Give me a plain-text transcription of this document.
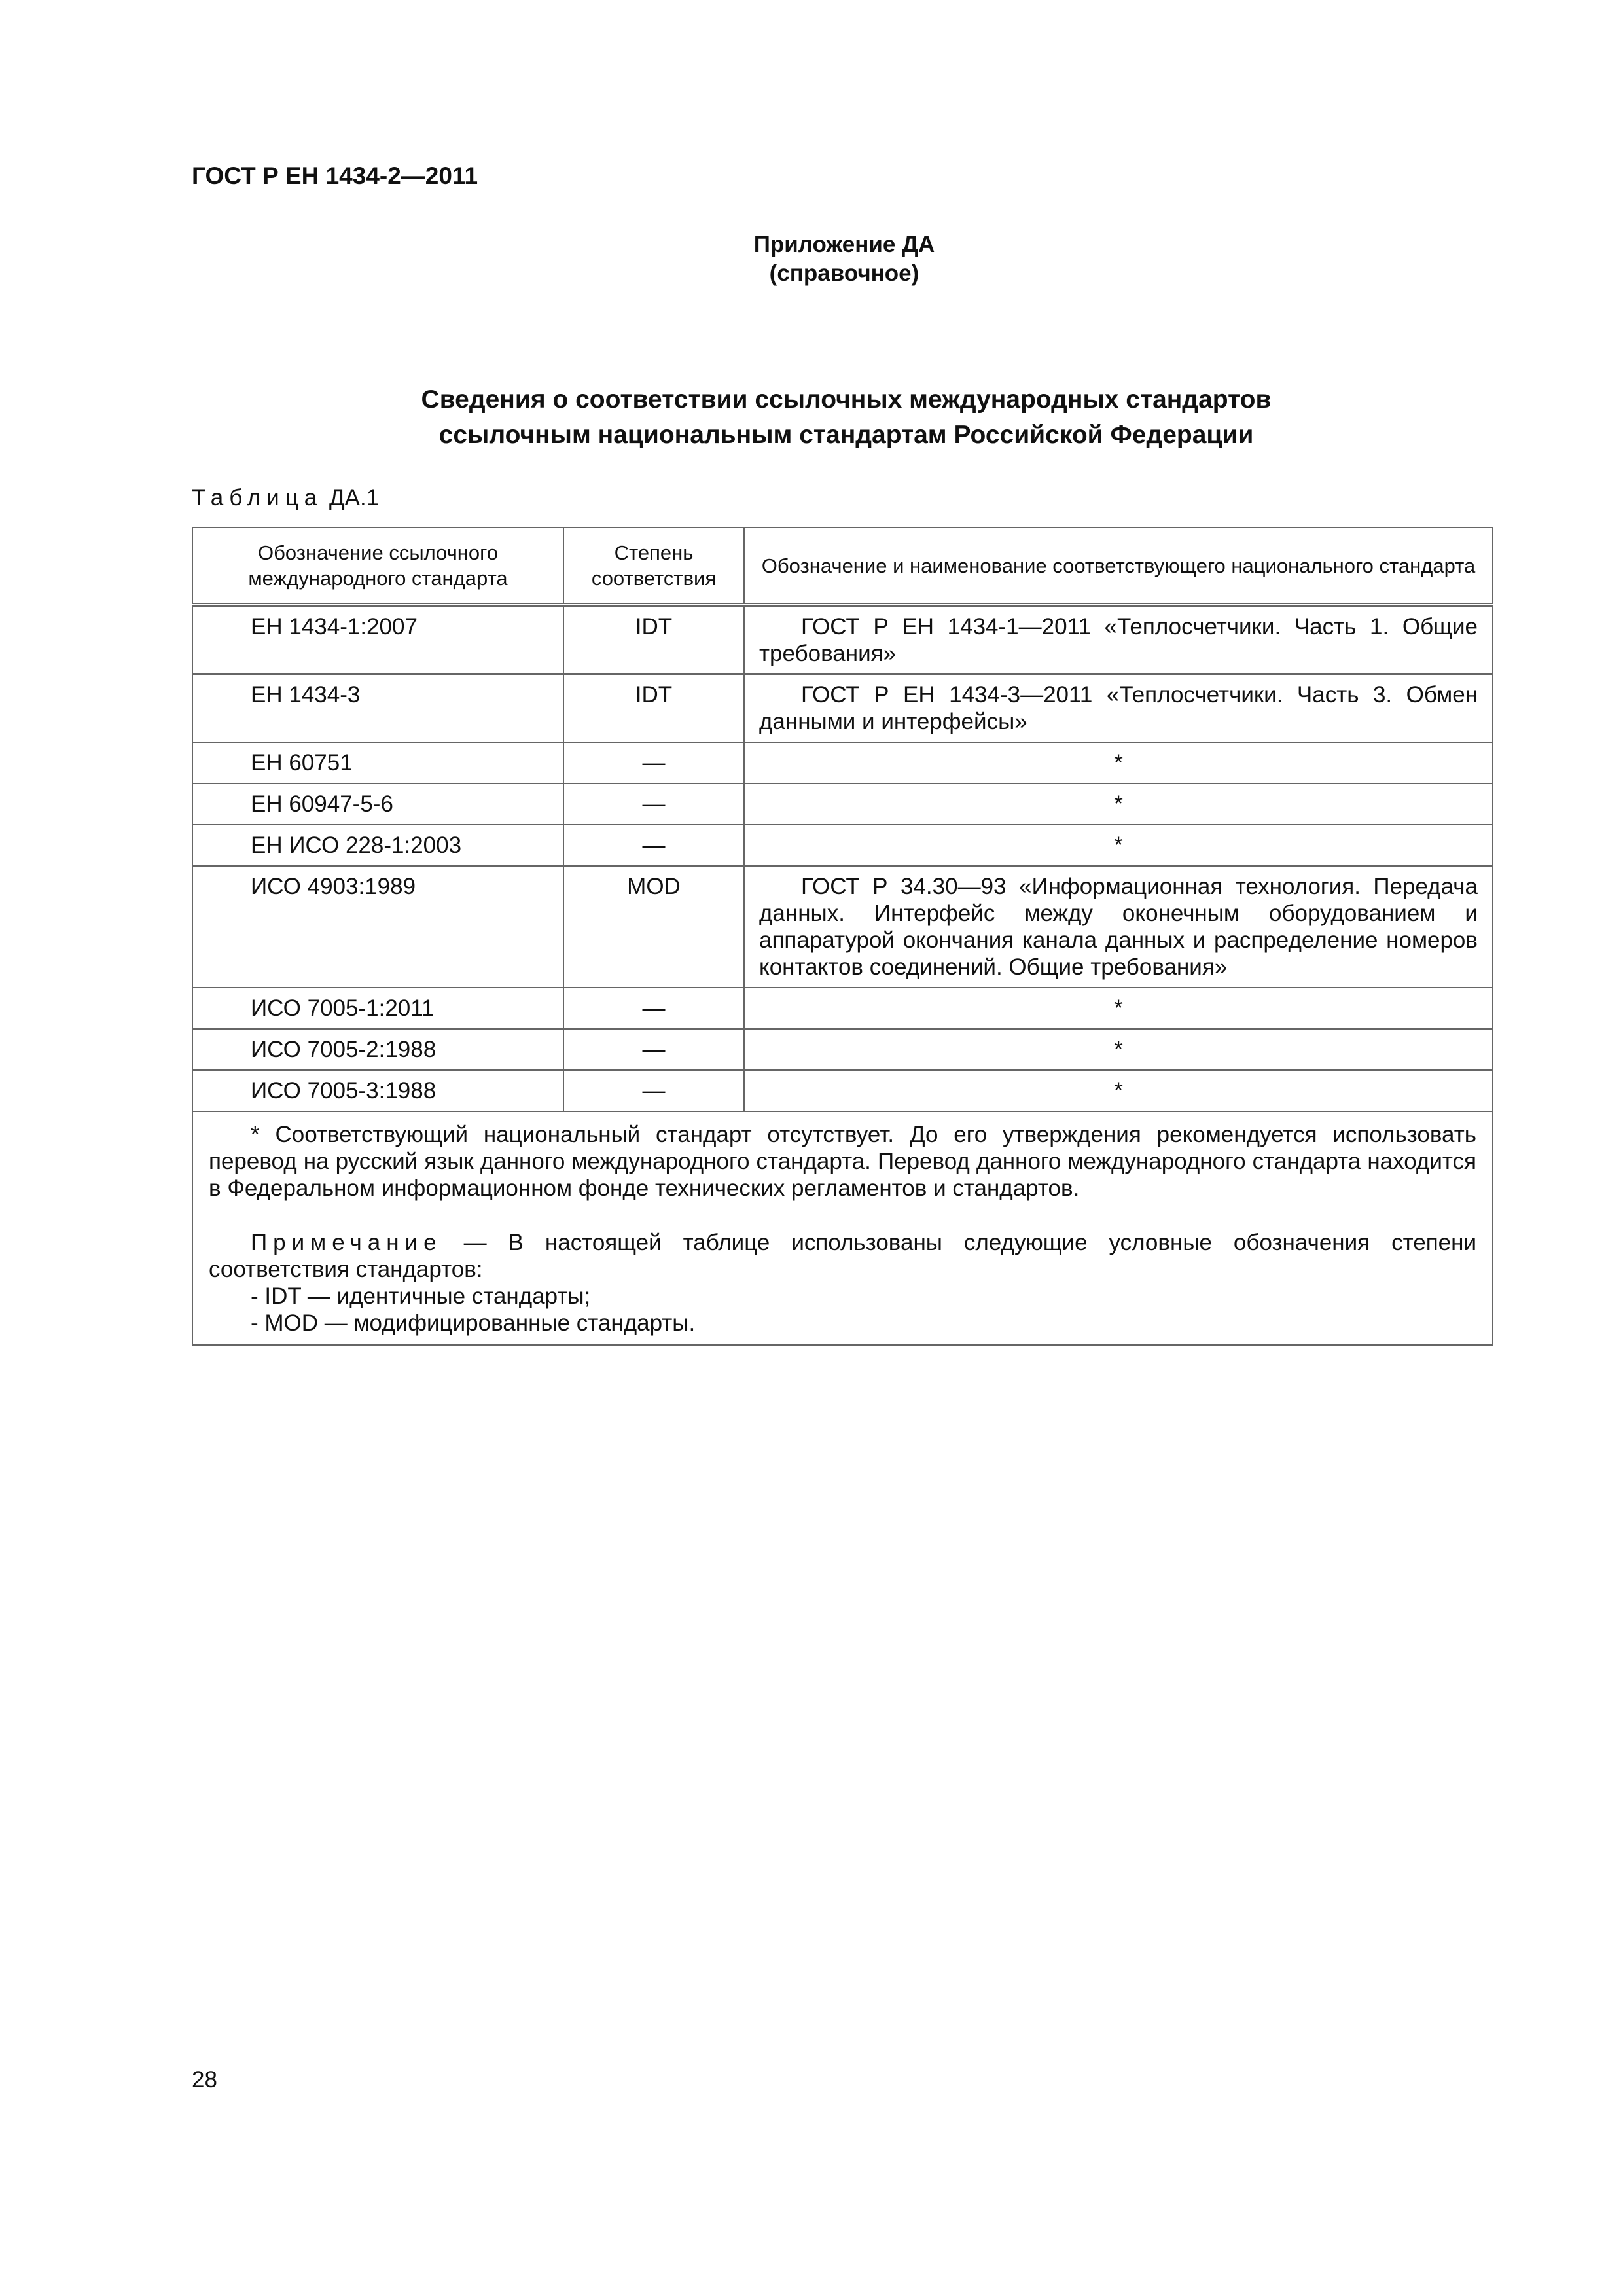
ГОСТ Р ЕН 1434-2—2011
Приложение ДА
(справочное)
Сведения о соответствии ссылочных международных стандартов
ссылочным национальным стандартам Российской Федерации
Таблица ДА.1
Обозначение ссылочного международного стандарта	Степень соответствия	Обозначение и наименование соответствующего национального стандарта
ЕН 1434-1:2007	IDT	ГОСТ Р ЕН 1434-1—2011 «Теплосчетчики. Часть 1. Общие требования»
ЕН 1434-3	IDT	ГОСТ Р ЕН 1434-3—2011 «Теплосчетчики. Часть 3. Обмен данными и интерфейсы»
ЕН 60751	—	*
ЕН 60947-5-6	—	*
ЕН ИСО 228-1:2003	—	*
ИСО 4903:1989	MOD	ГОСТ Р 34.30—93 «Информационная технология. Передача данных. Интерфейс между оконечным оборудованием и аппаратурой окончания канала данных и распределение номеров контактов соединений. Общие требования»
ИСО 7005-1:2011	—	*
ИСО 7005-2:1988	—	*
ИСО 7005-3:1988	—	*

* Соответствующий национальный стандарт отсутствует. До его утверждения рекомендуется использовать перевод на русский язык данного международного стандарта. Перевод данного международного стандарта находится в Федеральном информационном фонде технических регламентов и стандартов.

Примечание — В настоящей таблице использованы следующие условные обозначения степени соответствия стандартов:

- IDT — идентичные стандарты;

- MOD — модифицированные стандарты.		

28
